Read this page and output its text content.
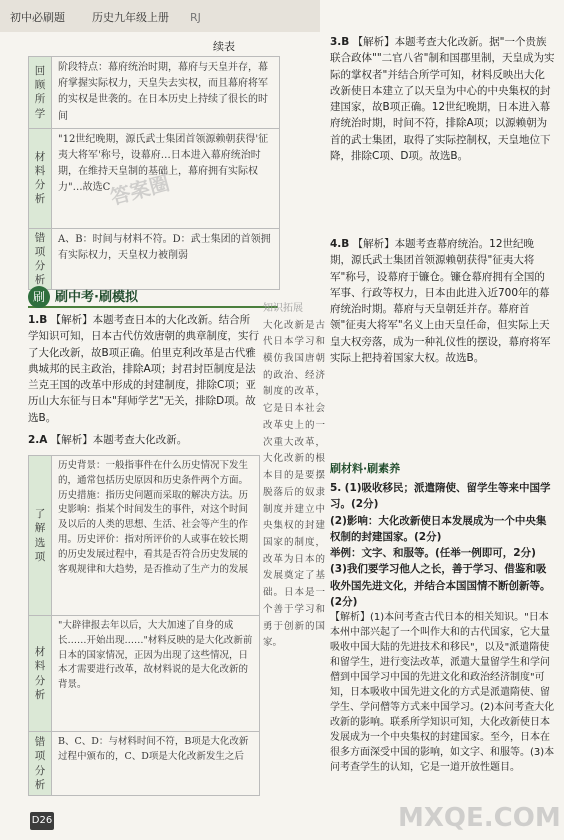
初中必刷题 历史九年级上册 RJ
续表
回顾所学	阶段特点：幕府统治时期，幕府与天皇并存，幕府掌握实际权力，天皇失去实权，而且幕府将军的实权是世袭的。在日本历史上持续了很长的时间
材料分析	"12世纪晚期，源氏武士集团首领源赖朝获得'征夷大将军'称号，设幕府…日本进入幕府统治时期，在维持天皇制的基础上，幕府拥有实际权力"…故选C
错项分析	A、B：时间与材料不符。D：武士集团的首领拥有实际权力，天皇权力被削弱
刷 刷中考·刷模拟
1.B 【解析】本题考查日本的大化改新。结合所学知识可知，日本古代仿效唐朝的典章制度，实行了大化改新，故B项正确。伯里克利改革是古代雅典城邦的民主政治，排除A项；封君封臣制度是法兰克王国的改革中形成的封建制度，排除C项；亚历山大东征与日本"拜师学艺"无关，排除D项。故选B。
2.A 【解析】本题考查大化改新。
了解选项	历史背景：一般指事件在什么历史情况下发生的，通常包括历史原因和历史条件两个方面。历史措施：指历史问题而采取的解决方法。历史影响：指某个时间发生的事件，对这个时间及以后的人类的思想、生活、社会等产生的作用。历史评价：指对所评价的人或事在较长期的历史发展过程中，看其是否符合历史发展的客观规律和大趋势，是否推动了生产力的发展
材料分析	"大辟律报去年以后，大大加速了自身的成长……开始出现……"材料反映的是大化改新前日本的国家情况，正因为出现了这些情况，日本才需要进行改革，故材料说的是大化改新的背景。
错项分析	B、C、D：与材料时间不符，B项是大化改新过程中颁布的，C、D项是大化改新发生之后
知识拓展
大化改新是古代日本学习和模仿我国唐朝的政治、经济制度的改革，它是日本社会改革史上的一次重大改革，大化改新的根本目的是要摆脱落后的奴隶制度并建立中央集权的封建国家的制度，改革为日本的发展奠定了基础。日本是一个善于学习和勇于创新的国家。
3.B 【解析】本题考查大化改新。据"一个贵族联合政体""二官八省"制和国郡里制，天皇成为实际的掌权者"并结合所学可知，材料反映出大化改新使日本建立了以天皇为中心的中央集权的封建国家，故B项正确。12世纪晚期，日本进入幕府统治时期，时间不符，排除A项；以源赖朝为首的武士集团，取得了实际控制权，天皇地位下降，排除C项、D项。故选B。
4.B 【解析】本题考查幕府统治。12世纪晚期，源氏武士集团首领源赖朝获得"征夷大将军"称号，设幕府于镰仓。镰仓幕府拥有全国的军事、行政等权力，日本由此进入近700年的幕府统治时期。幕府与天皇朝廷并存。幕府首领"征夷大将军"名义上由天皇任命，但实际上天皇大权旁落，成为一种礼仪性的摆设，幕府将军实际上把持着国家大权。故选B。
刷材料·刷素养
5. (1)吸收移民；派遣隋使、留学生等来中国学习。(2分)
(2)影响：大化改新使日本发展成为一个中央集权制的封建国家。(2分)
举例：文字、和服等。(任举一例即可，2分)
(3)我们要学习他人之长，善于学习、借鉴和吸收外国先进文化，并结合本国国情不断创新等。(2分)
【解析】(1)本问考查古代日本的相关知识。"日本本州中部兴起了一个叫作大和的古代国家，它大量吸收中国大陆的先进技术和移民"，以及"派遣隋使和留学生，进行变法改革，派遣大量留学生和学问僧到中国学习中国的先进文化和政治经济制度"可知，日本吸收中国先进文化的方式是派遣隋使、留学生、学问僧等方式来中国学习。(2)本问考查大化改新的影响。联系所学知识可知，大化改新使日本发展成为一个中央集权的封建国家。至今，日本在很多方面深受中国的影响，如文字、和服等。(3)本问考查学生的认知，它是一道开放性题目。
D26
答案圈
MXQE.COM
